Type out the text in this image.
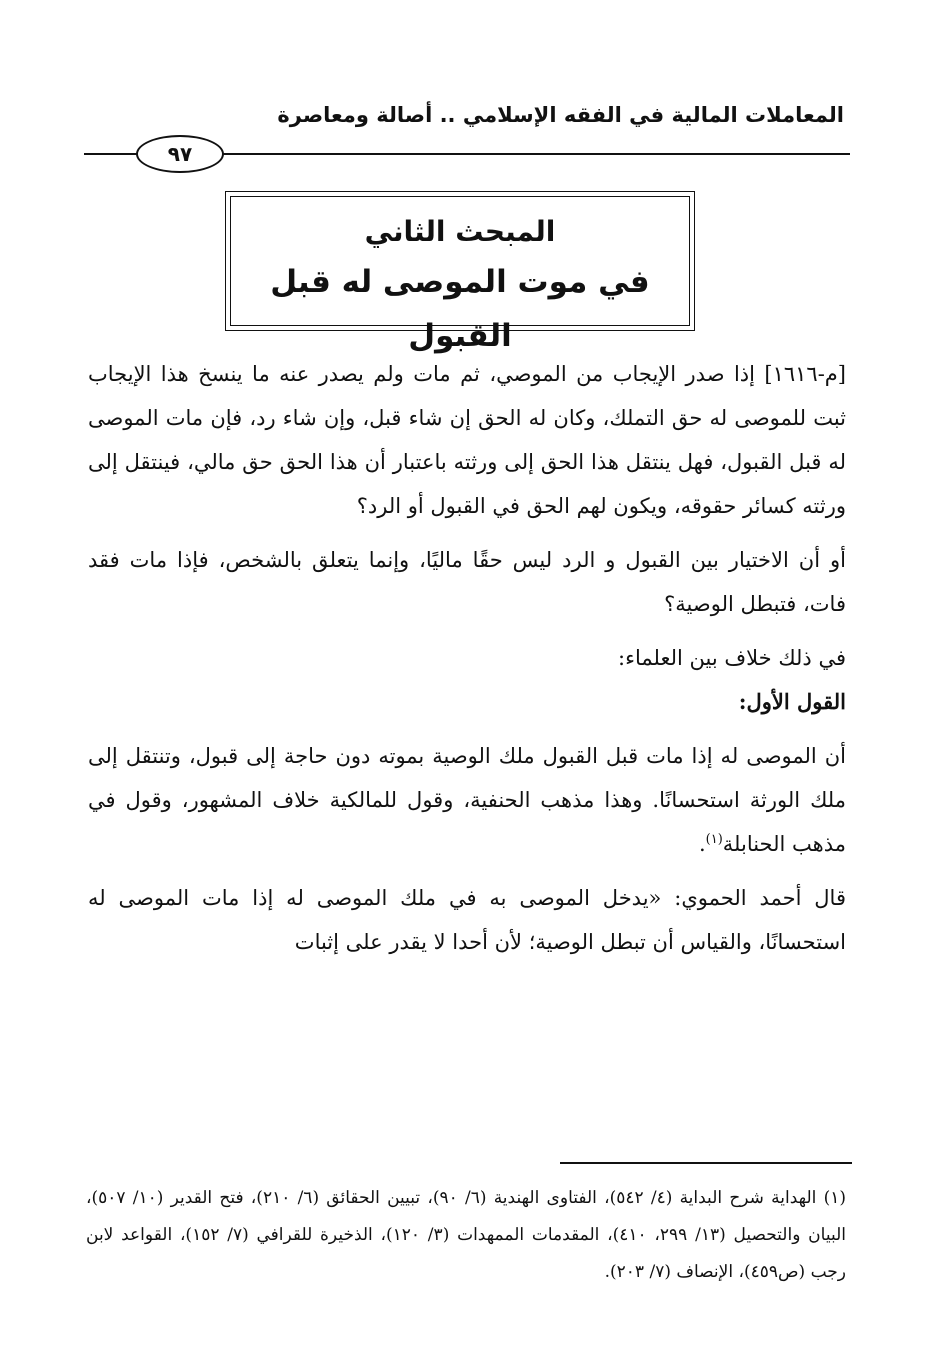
المعاملات المالية في الفقه الإسلامي .. أصالة ومعاصرة
٩٧
المبحث الثاني
في موت الموصى له قبل القبول

[م-١٦١٦] إذا صدر الإيجاب من الموصي، ثم مات ولم يصدر عنه ما ينسخ هذا الإيجاب ثبت للموصى له حق التملك، وكان له الحق إن شاء قبل، وإن شاء رد، فإن مات الموصى له قبل القبول، فهل ينتقل هذا الحق إلى ورثته باعتبار أن هذا الحق حق مالي، فينتقل إلى ورثته كسائر حقوقه، ويكون لهم الحق في القبول أو الرد؟

أو أن الاختيار بين القبول و الرد ليس حقًا ماليًا، وإنما يتعلق بالشخص، فإذا مات فقد فات، فتبطل الوصية؟

في ذلك خلاف بين العلماء:

القول الأول:

أن الموصى له إذا مات قبل القبول ملك الوصية بموته دون حاجة إلى قبول، وتنتقل إلى ملك الورثة استحسانًا. وهذا مذهب الحنفية، وقول للمالكية خلاف المشهور، وقول في مذهب الحنابلة$^{(١)}$.

قال أحمد الحموي: «يدخل الموصى به في ملك الموصى له إذا مات الموصى له استحسانًا، والقياس أن تبطل الوصية؛ لأن أحدا لا يقدر على إثبات

(١) الهداية شرح البداية (٤/ ٥٤٢)، الفتاوى الهندية (٦/ ٩٠)، تبيين الحقائق (٦/ ٢١٠)، فتح القدير (١٠/ ٥٠٧)، البيان والتحصيل (١٣/ ٢٩٩، ٤١٠)، المقدمات الممهدات (٣/ ١٢٠)، الذخيرة للقرافي (٧/ ١٥٢)، القواعد لابن رجب (ص٤٥٩)، الإنصاف (٧/ ٢٠٣).
